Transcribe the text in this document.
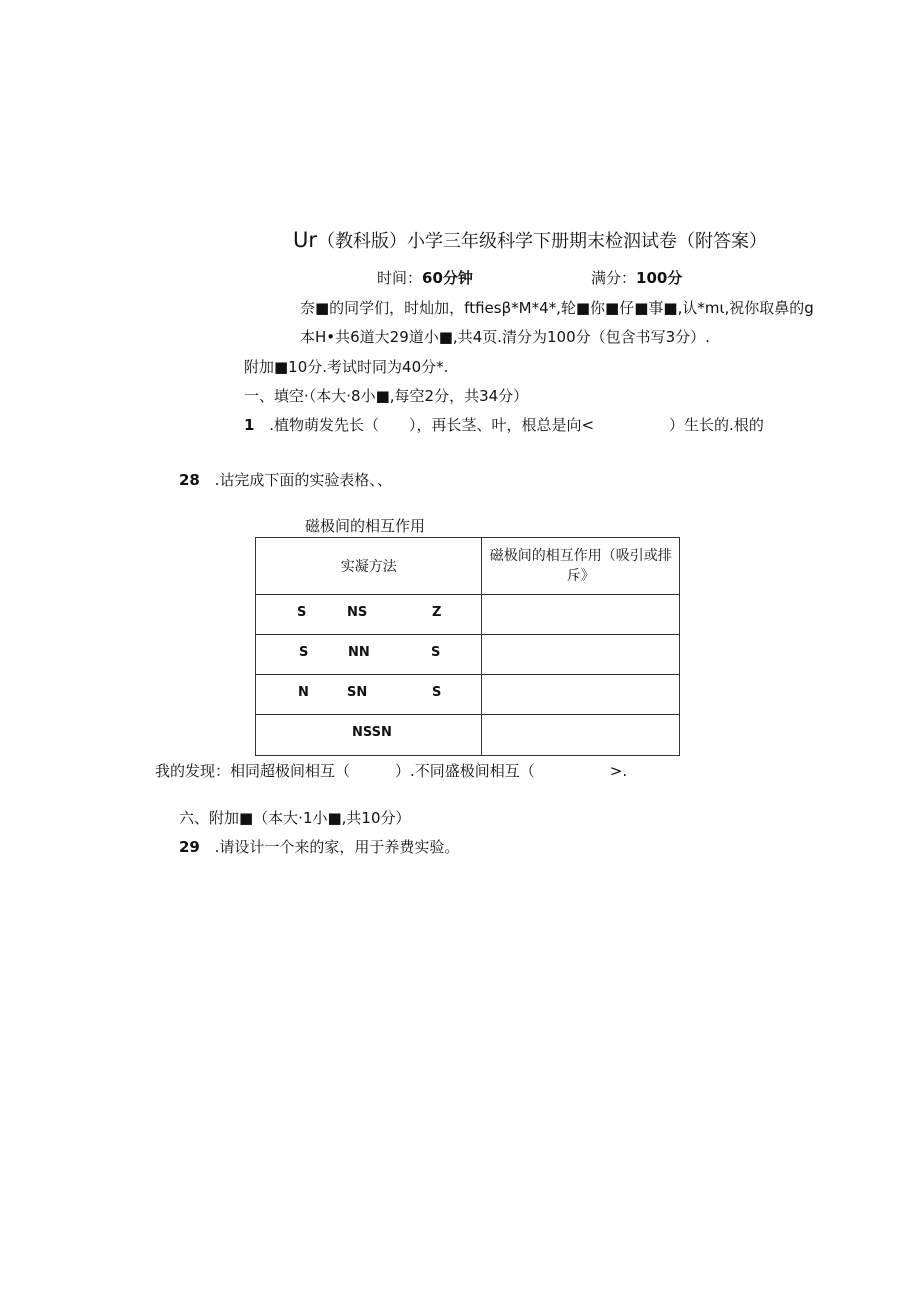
Ur（教科版）小学三年级科学下册期末检泅试卷（附答案）
时间：60分钟	满分：100分
奈■的同学们，时灿加，ftfiesβ*M*4*,轮■你■仔■事■,认*mι,祝你取鼻的g
本H•共6道大29道小■,共4页.清分为100分（包含书写3分）.
附加■10分.考试时同为40分*.
一、填空·（本大·8小■,每空2分，共34分）
1 .植物萌发先长（　　），再长茎、叶，根总是向<　　　　　）生长的.根的
28 .诂完成下面的实验表格、、
磁极间的相互作用
实凝方法	磁极间的相互作用（吸引或排斥》

S NS Z	

S NN S	

N SN S	

NSSN	

我的发现：相同超极间相互（　　　）.不同盛极间相互（　　　　　>.
六、附加■（本大·1小■,共10分）
29 .请设计一个来的家，用于养费实验。
